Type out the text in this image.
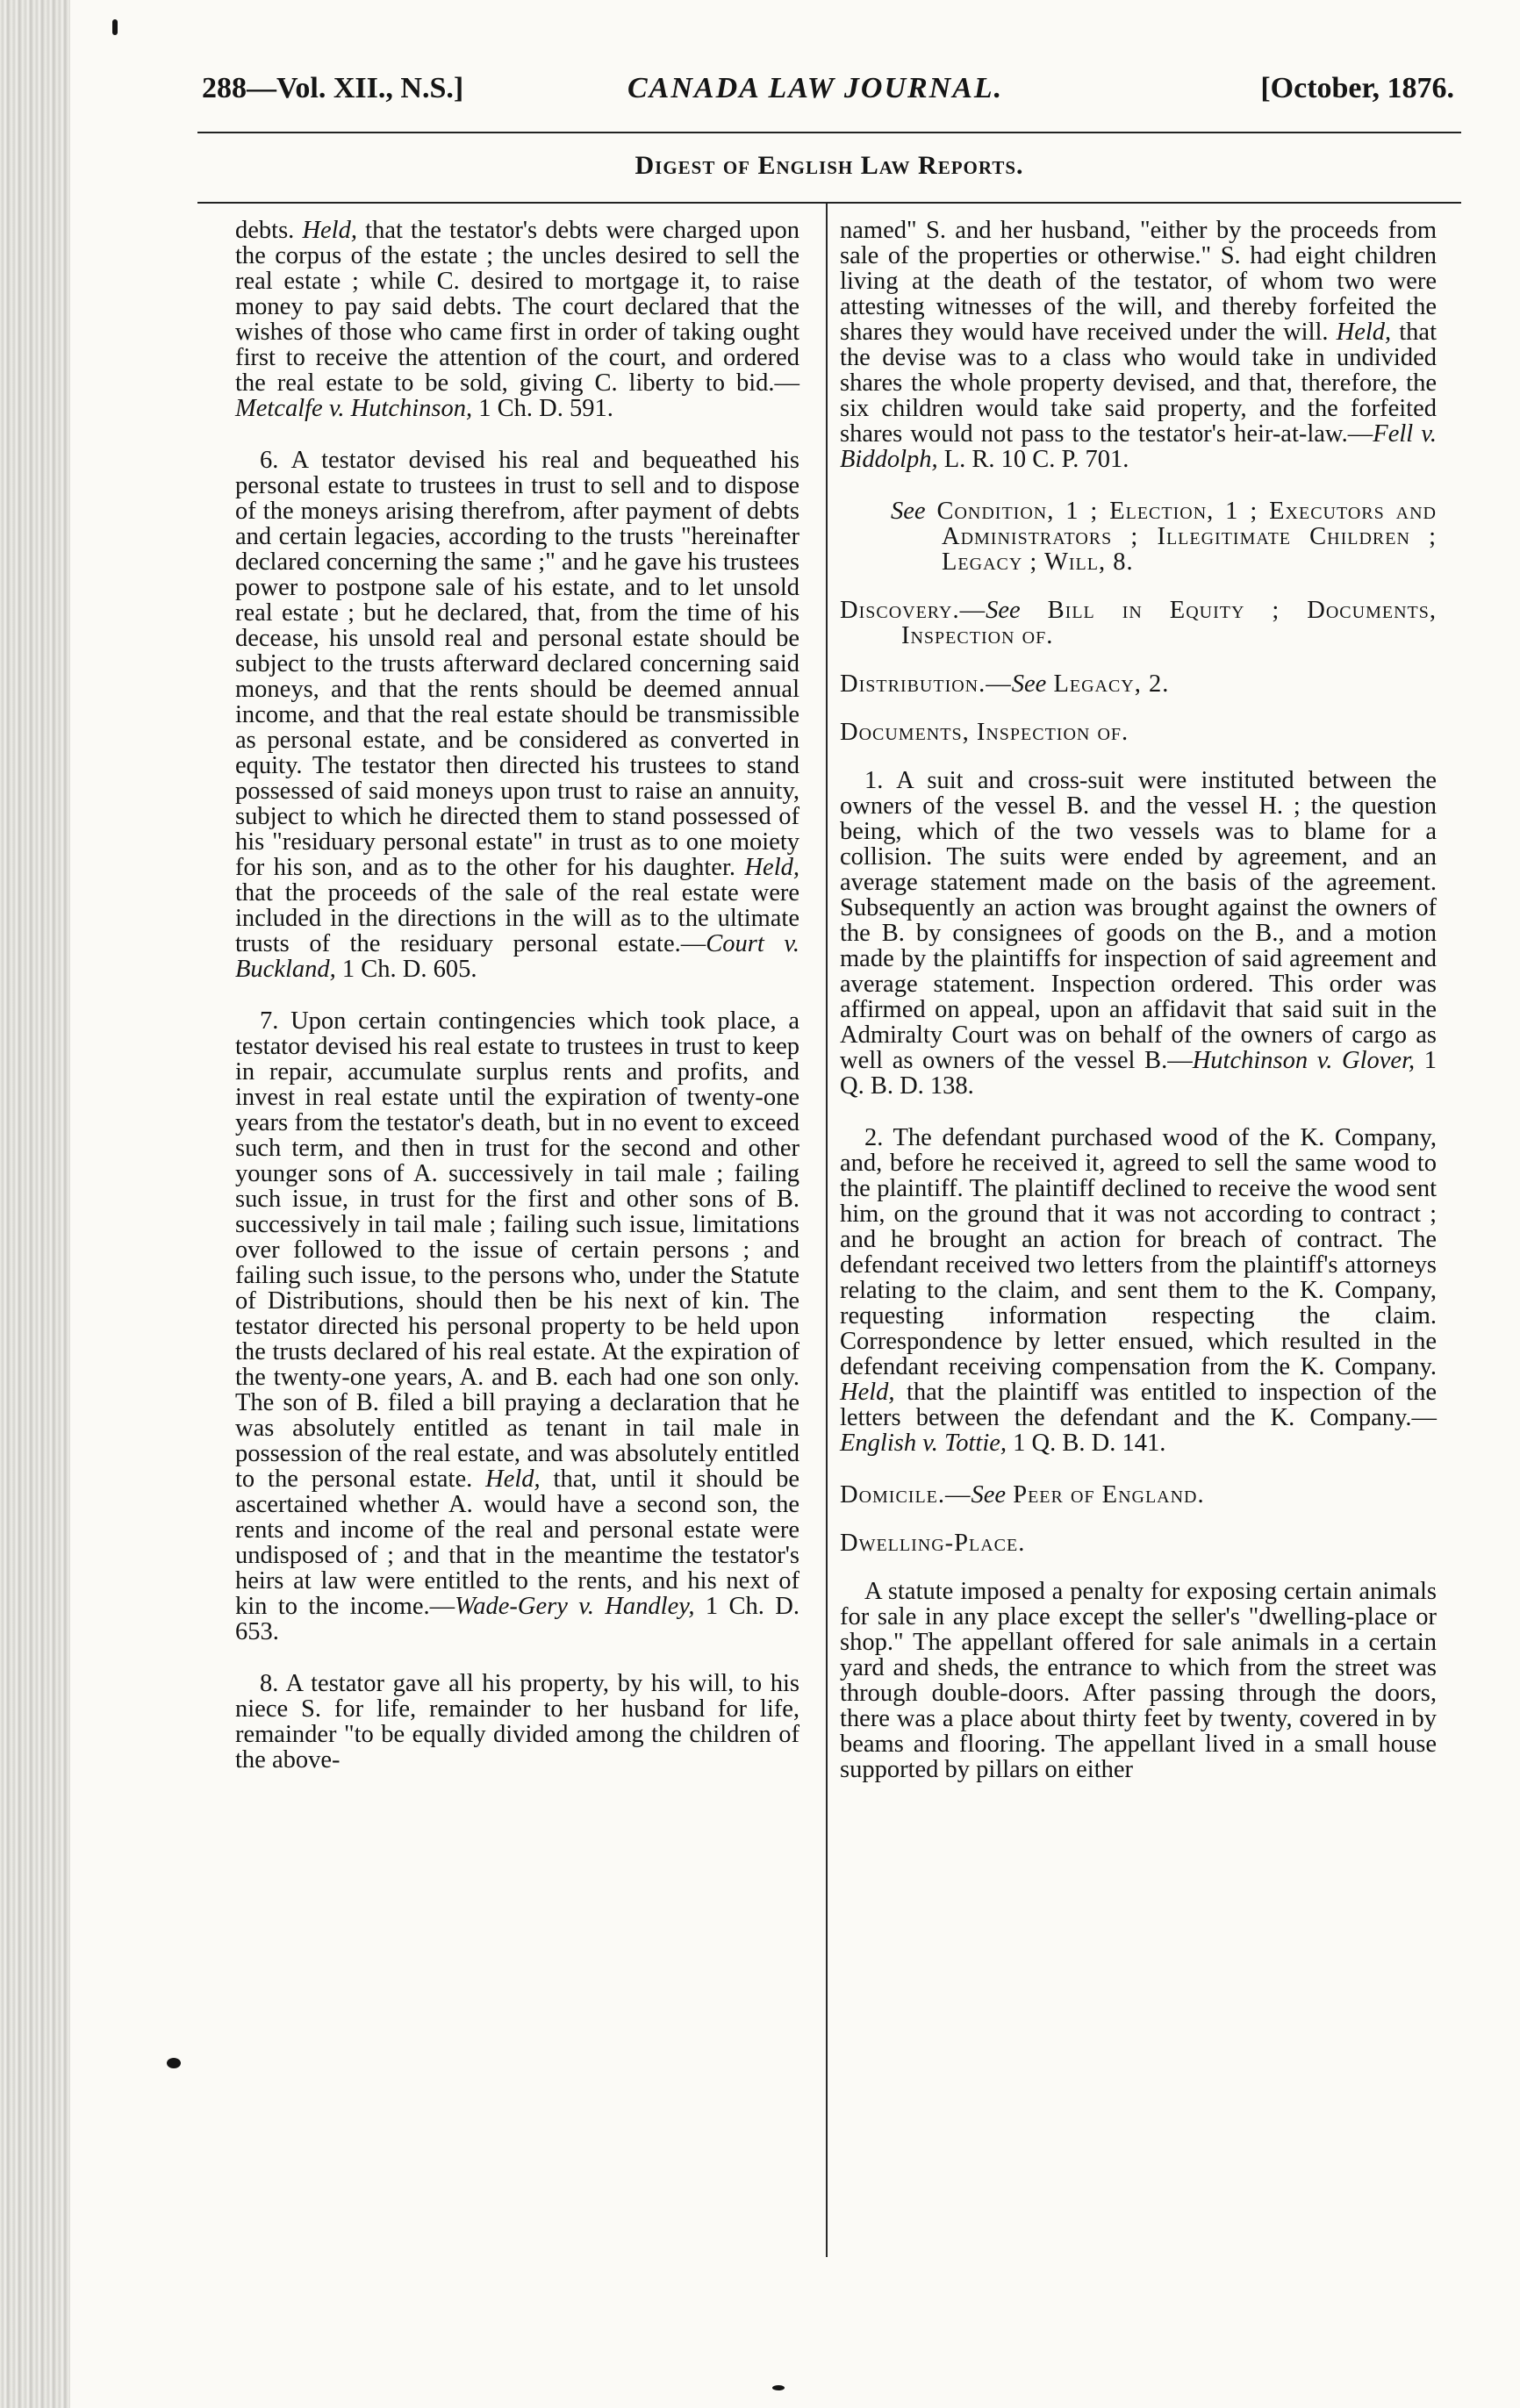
288—Vol. XII., N.S.]	CANADA LAW JOURNAL.	[October, 1876.
Digest of English Law Reports.

debts. Held, that the testator's debts were charged upon the corpus of the estate ; the uncles desired to sell the real estate ; while C. desired to mortgage it, to raise money to pay said debts. The court declared that the wishes of those who came first in order of taking ought first to receive the attention of the court, and ordered the real estate to be sold, giving C. liberty to bid.—Metcalfe v. Hutchinson, 1 Ch. D. 591.

6. A testator devised his real and bequeathed his personal estate to trustees in trust to sell and to dispose of the moneys arising therefrom, after payment of debts and certain legacies, according to the trusts "hereinafter declared concerning the same ;" and he gave his trustees power to postpone sale of his estate, and to let unsold real estate ; but he declared, that, from the time of his decease, his unsold real and personal estate should be subject to the trusts afterward declared concerning said moneys, and that the rents should be deemed annual income, and that the real estate should be transmissible as personal estate, and be considered as converted in equity. The testator then directed his trustees to stand possessed of said moneys upon trust to raise an annuity, subject to which he directed them to stand possessed of his "residuary personal estate" in trust as to one moiety for his son, and as to the other for his daughter. Held, that the proceeds of the sale of the real estate were included in the directions in the will as to the ultimate trusts of the residuary personal estate.—Court v. Buckland, 1 Ch. D. 605.

7. Upon certain contingencies which took place, a testator devised his real estate to trustees in trust to keep in repair, accumulate surplus rents and profits, and invest in real estate until the expiration of twenty-one years from the testator's death, but in no event to exceed such term, and then in trust for the second and other younger sons of A. successively in tail male ; failing such issue, in trust for the first and other sons of B. successively in tail male ; failing such issue, limitations over followed to the issue of certain persons ; and failing such issue, to the persons who, under the Statute of Distributions, should then be his next of kin. The testator directed his personal property to be held upon the trusts declared of his real estate. At the expiration of the twenty-one years, A. and B. each had one son only. The son of B. filed a bill praying a declaration that he was absolutely entitled as tenant in tail male in possession of the real estate, and was absolutely entitled to the personal estate. Held, that, until it should be ascertained whether A. would have a second son, the rents and income of the real and personal estate were undisposed of ; and that in the meantime the testator's heirs at law were entitled to the rents, and his next of kin to the income.—Wade-Gery v. Handley, 1 Ch. D. 653.

8. A testator gave all his property, by his will, to his niece S. for life, remainder to her husband for life, remainder "to be equally divided among the children of the above-

named" S. and her husband, "either by the proceeds from sale of the properties or otherwise." S. had eight children living at the death of the testator, of whom two were attesting witnesses of the will, and thereby forfeited the shares they would have received under the will. Held, that the devise was to a class who would take in undivided shares the whole property devised, and that, therefore, the six children would take said property, and the forfeited shares would not pass to the testator's heir-at-law.—Fell v. Biddolph, L. R. 10 C. P. 701.

See Condition, 1 ; Election, 1 ; Executors and Administrators ; Illegitimate Children ; Legacy ; Will, 8.

Discovery.—See Bill in Equity ; Documents, Inspection of.

Distribution.—See Legacy, 2.

Documents, Inspection of.

1. A suit and cross-suit were instituted between the owners of the vessel B. and the vessel H. ; the question being, which of the two vessels was to blame for a collision. The suits were ended by agreement, and an average statement made on the basis of the agreement. Subsequently an action was brought against the owners of the B. by consignees of goods on the B., and a motion made by the plaintiffs for inspection of said agreement and average statement. Inspection ordered. This order was affirmed on appeal, upon an affidavit that said suit in the Admiralty Court was on behalf of the owners of cargo as well as owners of the vessel B.—Hutchinson v. Glover, 1 Q. B. D. 138.

2. The defendant purchased wood of the K. Company, and, before he received it, agreed to sell the same wood to the plaintiff. The plaintiff declined to receive the wood sent him, on the ground that it was not according to contract ; and he brought an action for breach of contract. The defendant received two letters from the plaintiff's attorneys relating to the claim, and sent them to the K. Company, requesting information respecting the claim. Correspondence by letter ensued, which resulted in the defendant receiving compensation from the K. Company. Held, that the plaintiff was entitled to inspection of the letters between the defendant and the K. Company.—English v. Tottie, 1 Q. B. D. 141.

Domicile.—See Peer of England.

Dwelling-Place.

A statute imposed a penalty for exposing certain animals for sale in any place except the seller's "dwelling-place or shop." The appellant offered for sale animals in a certain yard and sheds, the entrance to which from the street was through double-doors. After passing through the doors, there was a place about thirty feet by twenty, covered in by beams and flooring. The appellant lived in a small house supported by pillars on either
